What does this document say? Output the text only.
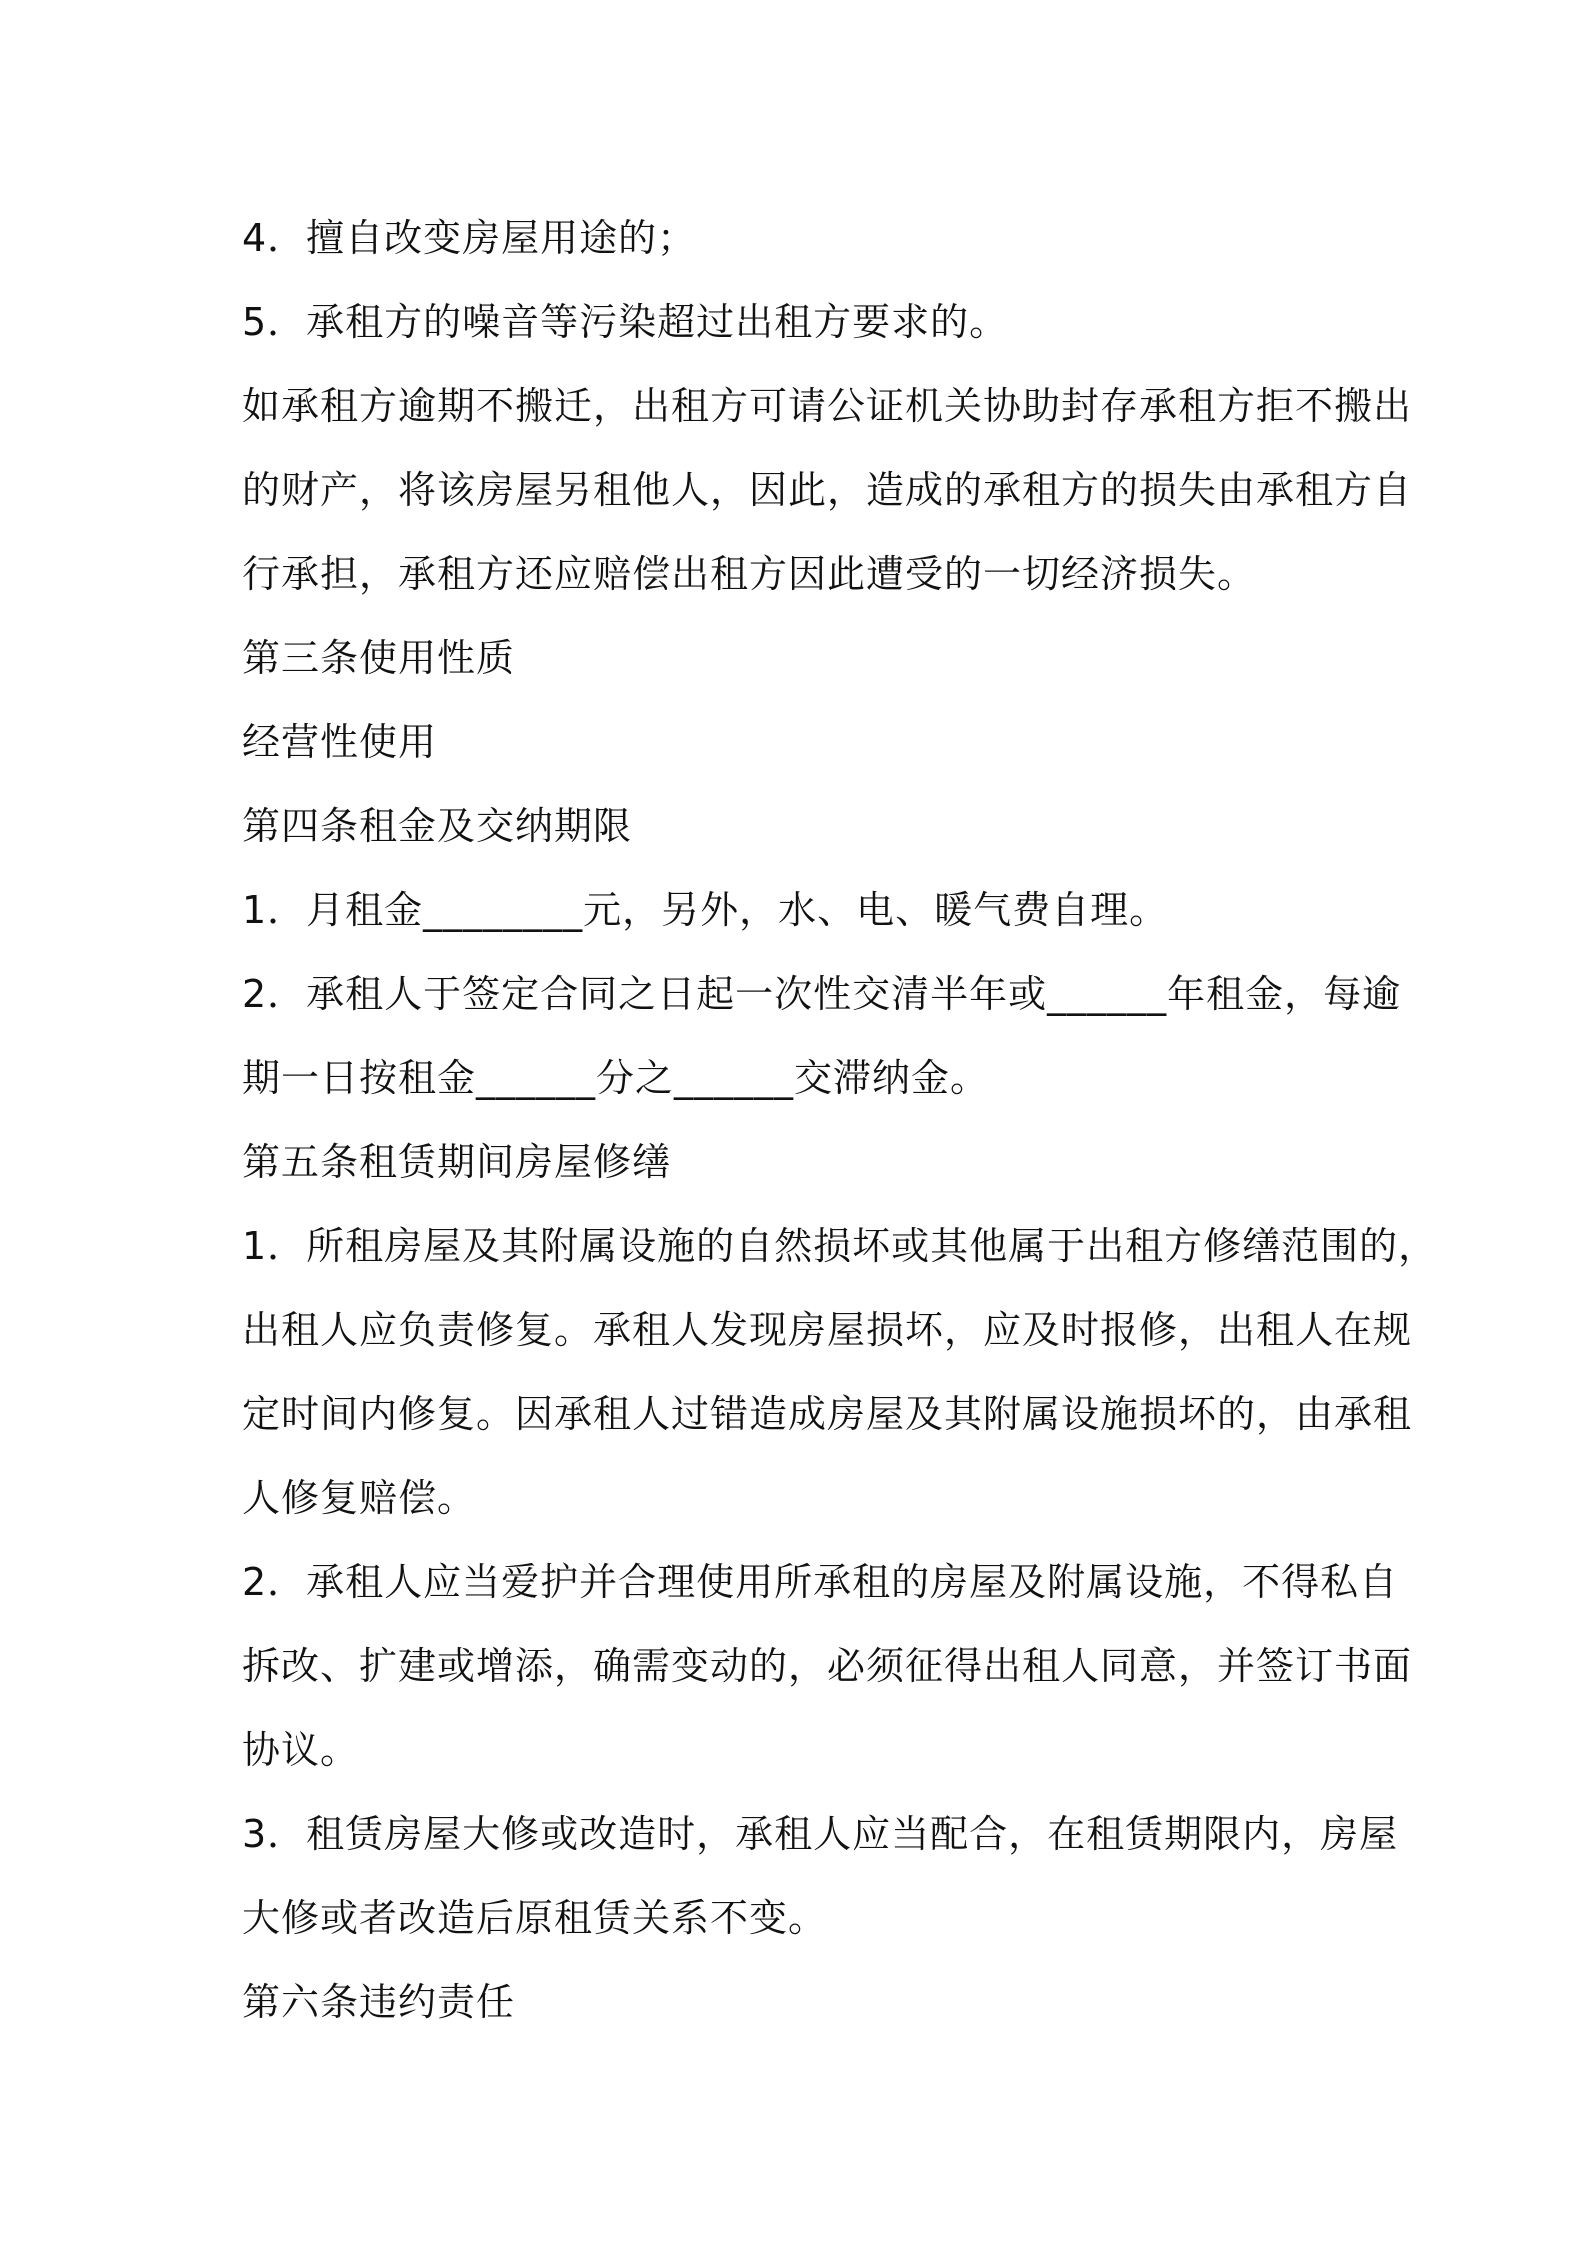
4．擅自改变房屋用途的；
5．承租方的噪音等污染超过出租方要求的。
如承租方逾期不搬迁，出租方可请公证机关协助封存承租方拒不搬出
的财产，将该房屋另租他人，因此，造成的承租方的损失由承租方自
行承担，承租方还应赔偿出租方因此遭受的一切经济损失。
第三条使用性质
经营性使用
第四条租金及交纳期限
1．月租金________元，另外，水、电、暖气费自理。
2．承租人于签定合同之日起一次性交清半年或______年租金，每逾
期一日按租金______分之______交滞纳金。
第五条租赁期间房屋修缮
1．所租房屋及其附属设施的自然损坏或其他属于出租方修缮范围的，
出租人应负责修复。承租人发现房屋损坏，应及时报修，出租人在规
定时间内修复。因承租人过错造成房屋及其附属设施损坏的，由承租
人修复赔偿。
2．承租人应当爱护并合理使用所承租的房屋及附属设施，不得私自
拆改、扩建或增添，确需变动的，必须征得出租人同意，并签订书面
协议。
3．租赁房屋大修或改造时，承租人应当配合，在租赁期限内，房屋
大修或者改造后原租赁关系不变。
第六条违约责任
